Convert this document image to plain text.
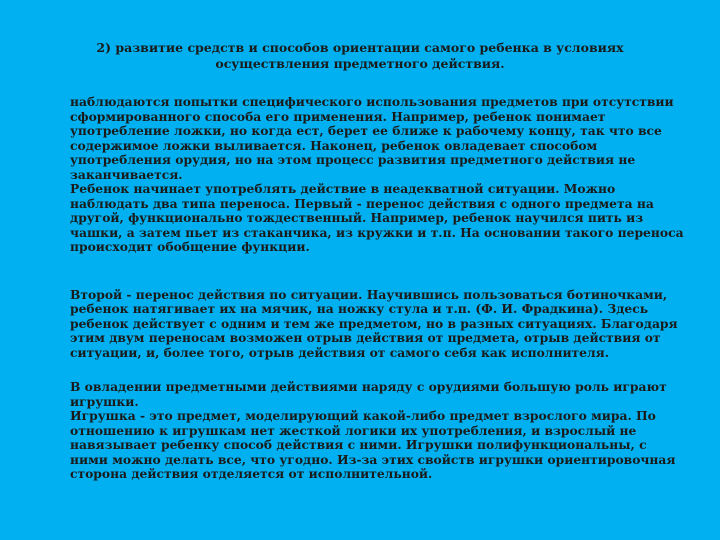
2) развитие средств и способов ориентации самого ребенка в условиях осуществления предметного действия.

наблюдаются попытки специфического использования предметов при отсутствии сформированного способа его применения. Например, ребенок понимает употребление ложки, но когда ест, берет ее ближе к рабочему концу, так что все содержимое ложки выливается. Наконец, ребенок овладевает способом употребления орудия, но на этом процесс развития предметного действия не заканчивается.

Ребенок начинает употреблять действие в неадекватной ситуации. Можно наблюдать два типа переноса. Первый - перенос действия с одного предмета на другой, функционально тождественный. Например, ребенок научился пить из чашки, а затем пьет из стаканчика, из кружки и т.п. На основании такого переноса происходит обобщение функции.

Второй - перенос действия по ситуации. Научившись пользоваться ботиночками, ребенок натягивает их на мячик, на ножку стула и т.п. (Ф. И. Фрадкина). Здесь ребенок действует с одним и тем же предметом, но в разных ситуациях. Благодаря этим двум переносам возможен отрыв действия от предмета, отрыв действия от ситуации, и, более того, отрыв действия от самого себя как исполнителя.

В овладении предметными действиями наряду с орудиями большую роль играют игрушки.

Игрушка - это предмет, моделирующий какой-либо предмет взрослого мира. По отношению к игрушкам нет жесткой логики их употребления, и взрослый не навязывает ребенку способ действия с ними. Игрушки полифункциональны, с ними можно делать все, что угодно. Из-за этих свойств игрушки ориентировочная сторона действия отделяется от исполнительной.
